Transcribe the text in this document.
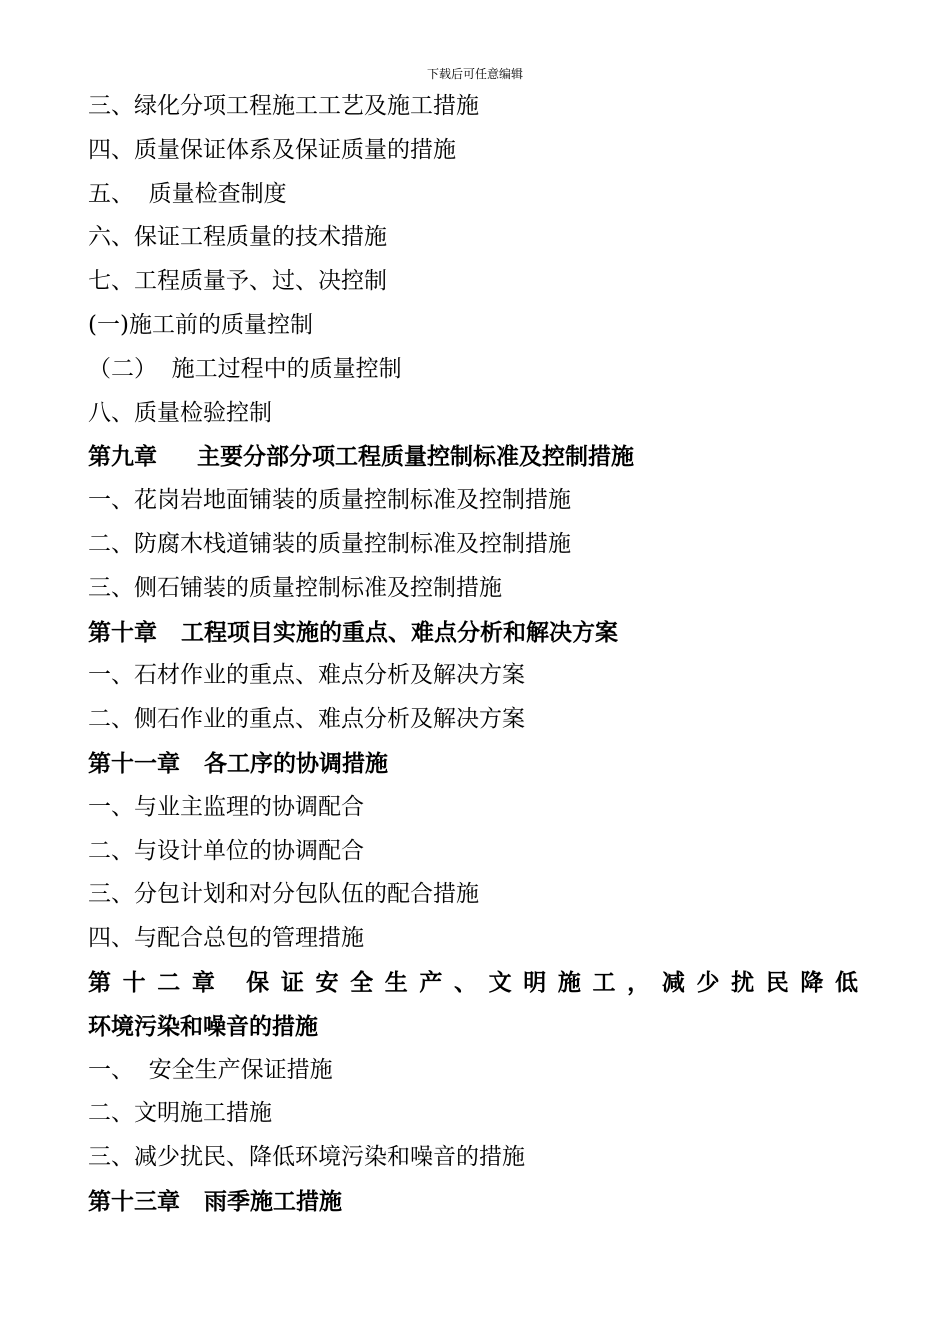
下载后可任意编辑
三、绿化分项工程施工工艺及施工措施
四、质量保证体系及保证质量的措施
五、  质量检查制度
六、保证工程质量的技术措施
七、工程质量予、过、决控制
(一)施工前的质量控制
（二）  施工过程中的质量控制
八、质量检验控制
第九章     主要分部分项工程质量控制标准及控制措施
一、花岗岩地面铺装的质量控制标准及控制措施
二、防腐木栈道铺装的质量控制标准及控制措施
三、侧石铺装的质量控制标准及控制措施
第十章   工程项目实施的重点、难点分析和解决方案
一、石材作业的重点、难点分析及解决方案
二、侧石作业的重点、难点分析及解决方案
第十一章   各工序的协调措施
一、与业主监理的协调配合
二、与设计单位的协调配合
三、分包计划和对分包队伍的配合措施
四、与配合总包的管理措施
第十二章 保证安全生产、文明施工，减少扰民降低
环境污染和噪音的措施
一、  安全生产保证措施
二、文明施工措施
三、减少扰民、降低环境污染和噪音的措施
第十三章   雨季施工措施
